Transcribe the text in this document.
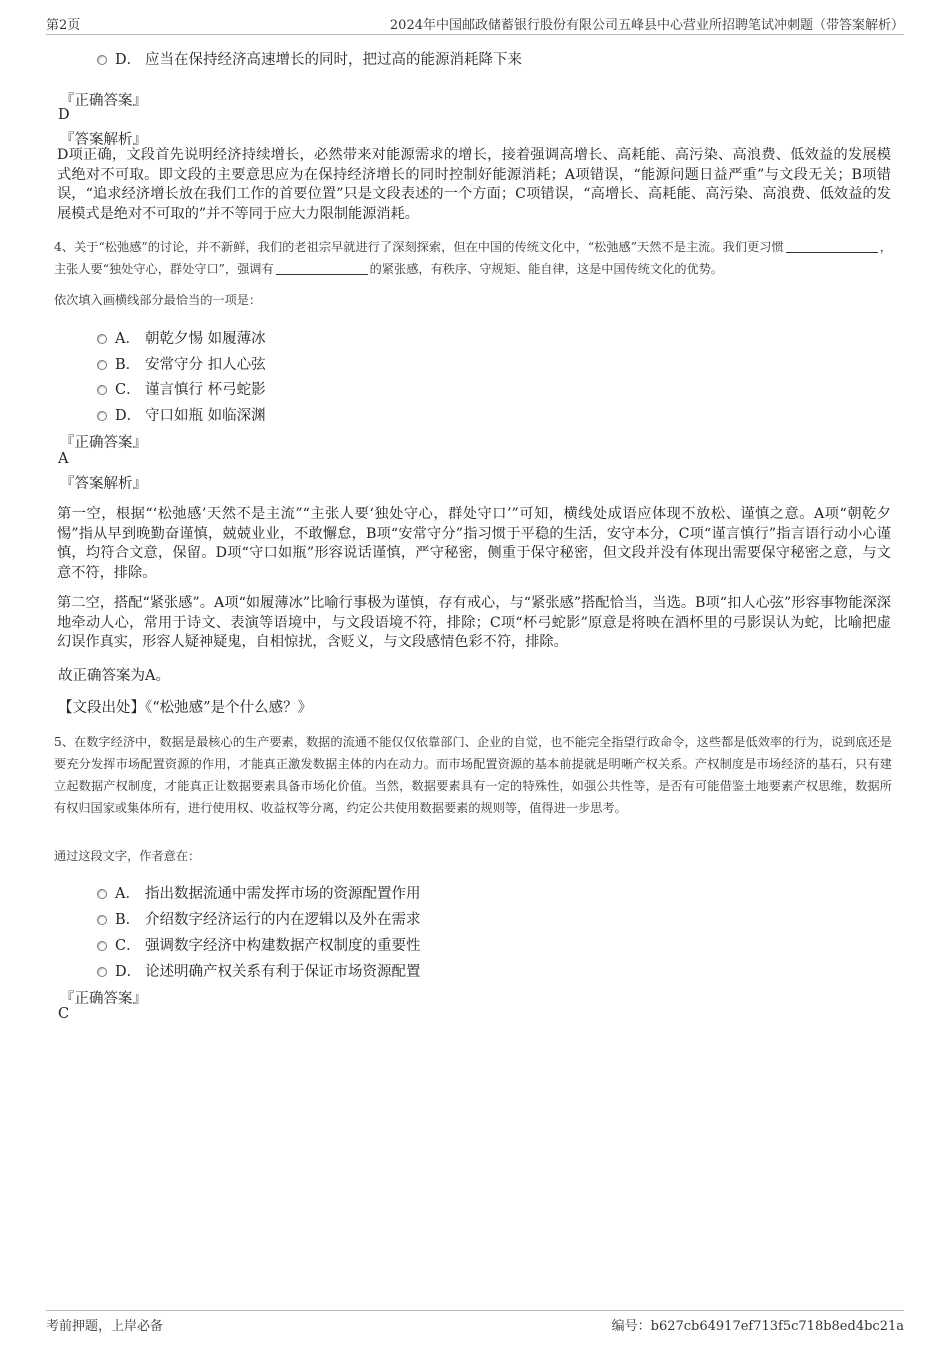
第2页	2024年中国邮政储蓄银行股份有限公司五峰县中心营业所招聘笔试冲刺题（带答案解析）
D． 应当在保持经济高速增长的同时，把过高的能源消耗降下来
『正确答案』
D
『答案解析』
D项正确，文段首先说明经济持续增长，必然带来对能源需求的增长，接着强调高增长、高耗能、高污染、高浪费、低效益的发展模式绝对不可取。即文段的主要意思应为在保持经济增长的同时控制好能源消耗；A项错误，“能源问题日益严重”与文段无关；B项错误，“追求经济增长放在我们工作的首要位置”只是文段表述的一个方面；C项错误，“高增长、高耗能、高污染、高浪费、低效益的发展模式是绝对不可取的”并不等同于应大力限制能源消耗。
4、关于“松弛感”的讨论，并不新鲜，我们的老祖宗早就进行了深刻探索，但在中国的传统文化中，“松弛感”天然不是主流。我们更习惯	，主张人要“独处守心，群处守口”，强调有	的紧张感，有秩序、守规矩、能自律，这是中国传统文化的优势。
依次填入画横线部分最恰当的一项是：
A． 朝乾夕惕 如履薄冰
B． 安常守分 扣人心弦
C． 谨言慎行 杯弓蛇影
D． 守口如瓶 如临深渊
『正确答案』
A
『答案解析』
第一空，根据“‘松弛感’天然不是主流”“主张人要‘独处守心，群处守口’”可知，横线处成语应体现不放松、谨慎之意。A项“朝乾夕惕”指从早到晚勤奋谨慎，兢兢业业，不敢懈怠，B项“安常守分”指习惯于平稳的生活，安守本分，C项“谨言慎行”指言语行动小心谨慎，均符合文意，保留。D项“守口如瓶”形容说话谨慎，严守秘密，侧重于保守秘密，但文段并没有体现出需要保守秘密之意，与文意不符，排除。
第二空，搭配“紧张感”。A项“如履薄冰”比喻行事极为谨慎，存有戒心，与“紧张感”搭配恰当，当选。B项“扣人心弦”形容事物能深深地牵动人心，常用于诗文、表演等语境中，与文段语境不符，排除；C项“杯弓蛇影”原意是将映在酒杯里的弓影误认为蛇，比喻把虚幻误作真实，形容人疑神疑鬼，自相惊扰，含贬义，与文段感情色彩不符，排除。
故正确答案为A。
【文段出处】《“松弛感”是个什么感？》
5、在数字经济中，数据是最核心的生产要素，数据的流通不能仅仅依靠部门、企业的自觉，也不能完全指望行政命令，这些都是低效率的行为，说到底还是要充分发挥市场配置资源的作用，才能真正激发数据主体的内在动力。而市场配置资源的基本前提就是明晰产权关系。产权制度是市场经济的基石，只有建立起数据产权制度，才能真正让数据要素具备市场化价值。当然，数据要素具有一定的特殊性，如强公共性等，是否有可能借鉴土地要素产权思维，数据所有权归国家或集体所有，进行使用权、收益权等分离，约定公共使用数据要素的规则等，值得进一步思考。
通过这段文字，作者意在：
A． 指出数据流通中需发挥市场的资源配置作用
B． 介绍数字经济运行的内在逻辑以及外在需求
C． 强调数字经济中构建数据产权制度的重要性
D． 论述明确产权关系有利于保证市场资源配置
『正确答案』
C
考前押题，上岸必备	编号：b627cb64917ef713f5c718b8ed4bc21a
